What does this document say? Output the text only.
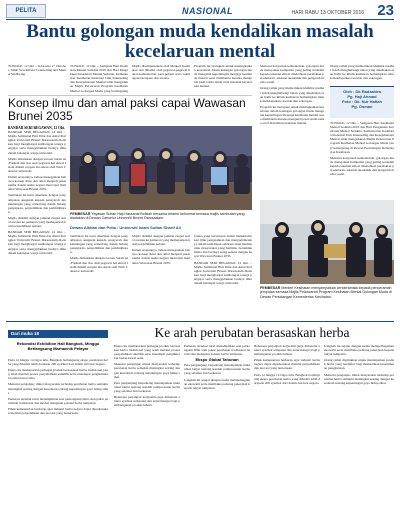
PELITA	NASIONAL	HARI RABU 13 OKTOBER 2016 23
Bantu golongan muda kendalikan masalah kecelaruan mental
TUNGKU, 12 Okt. – Kira-kira 17 Oktober, Minit Sewaimana Counselling and Mental Wellbeing
TUNGKU, 12 Okt. – Sempena Hari Kesihatan Mental Sedunia 2016 dan Hari Pengakuan Kesedaran Mental Sedunia, Kementerian Kesihatan menerusi Unit Kaunseling dan Kesejahteraan Mental telah mengadakan Majlis Pelancaran Program Kesihatan Mental Golongan Muda yang berlangsung
Majlis disempurnakan oleh Menteri Kesihatan dan dihadiri oleh pegawai-pegawai kanan kementerian, para pelajar serta wakil agensi kerajaan dan swasta.
Program ini bertujuan untuk meningkatkan kesedaran dalam kalangan golongan muda mengenai kepentingan menjaga kesihatan mental serta membantu mereka mengenal pasti tanda-tanda awal masalah kecelaruan mental.
Menurut kenyataan kementerian, golongan muda merupakan kumpulan yang paling terdedah kepada tekanan emosi disebabkan perubahan persekitaran, tekanan akademik dan pengaruh media sosial.
Orang ramai yang memerlukan khidmat nasihat boleh menghubungi talian yang disediakan atau hadir ke klinik kesihatan berhampiran untuk mendapatkan rawatan dan sokongan.
Program ini bertujuan untuk meningkatkan kesedaran dalam kalangan golongan muda mengenai kepentingan menjaga kesihatan mental serta membantu mereka mengenal pasti tanda-tanda awal masalah kecelaruan mental.
Orang ramai yang memerlukan khidmat nasihat boleh menghubungi talian yang disediakan atau hadir ke klinik kesihatan berhampiran untuk mendapatkan rawatan dan sokongan.
Oleh : Dk Radzahira
Pg. Haji Ahmad
Foto : Dk. Nur Hafiah
Pg. Osman
TUNGKU, 12 Okt. – Sempena Hari Kesihatan Mental Sedunia 2016 dan Hari Pengakuan Kesedaran Mental Sedunia, Kementerian Kesihatan menerusi Unit Kaunseling dan Kesejahteraan Mental telah mengadakan Majlis Pelancaran Program Kesihatan Mental Golongan Muda yang berlangsung di Dewan Persidangan Kementerian Kesihatan.
Menurut kenyataan kementerian, golongan muda merupakan kumpulan yang paling terdedah kepada tekanan emosi disebabkan perubahan persekitaran, tekanan akademik dan pengaruh media sosial.
Konsep ilmu dan amal paksi capai Wawasan Brunei 2035
BANDAR SERI BEGAWAN, 12 Okt.
BANDAR SERI BEGAWAN, 12 Okt. – Majlis Sambutan Hari Ilmu dan Amal Peringkat Universiti Brunei Darussalam diadakan bagi menghargai sumbangan tenaga pengajar serta menggalakkan budaya ilmu dalam kalangan warga universiti.
Majlis dimulakan dengan bacaan Surah Al-Fatihah dan doa oleh pegawai hal ehwal Islam diikuti ucapan alu-aluan oleh Naib Canselor universiti.
Dalam ucapannya, beliau menegaskan bahawa konsep ilmu dan amal menjadi paksi utama dalam usaha negara mencapai matlamat Wawasan Brunei 2035.
Sambutan itu turut diserikan dengan penyampaian anugerah kepada pensyarah dan kakitangan yang cemerlang dalam bidang pengajaran, penyelidikan dan perkhidmatan.
Majlis diakhiri dengan jamuan ringan serta lawatan ke pameran yang memaparkan hasil penyelidikan pelajar.
BANDAR SERI BEGAWAN, 12 Okt. – Majlis Sambutan Hari Ilmu dan Amal Peringkat Universiti Brunei Darussalam diadakan bagi menghargai sumbangan tenaga pengajar serta menggalakkan budaya ilmu dalam kalangan warga universiti.
PEMBESAR Yayasan Sultan Haji Hassanal Bolkiah bersama tetamu kehormat semasa majlis sambutan yang diadakan di Dewan Canselor Universiti Brunei Darussalam.
Dewan Alkitan dan Pelia : Universiti Islam Sultan Sharif Ali
Sambutan itu turut diserikan dengan penyampaian anugerah kepada pensyarah dan kakitangan yang cemerlang dalam bidang pengajaran, penyelidikan dan perkhidmatan.
Majlis dimulakan dengan bacaan Surah Al-Fatihah dan doa oleh pegawai hal ehwal Islam diikuti ucapan alu-aluan oleh Naib Canselor universiti.
Majlis diakhiri dengan jamuan ringan serta lawatan ke pameran yang memaparkan hasil penyelidikan pelajar.
Dalam ucapannya, beliau menegaskan bahawa konsep ilmu dan amal menjadi paksi utama dalam usaha negara mencapai matlamat Wawasan Brunei 2035.
Usaha yang berterusan dalam memartabatkan ilmu pengetahuan dan mengamalkannya dalam kehidupan seharian akan membentuk masyarakat yang berilmu, berakhlak mulia dan berdaya saing selaras dengan hasrat Wawasan Brunei 2035.
BANDAR SERI BEGAWAN, 12 Okt. – Majlis Sambutan Hari Ilmu dan Amal Peringkat Universiti Brunei Darussalam diadakan bagi menghargai sumbangan tenaga pengajar serta menggalakkan budaya ilmu dalam kalangan warga universiti.
PEMBESAR Menteri Kesihatan menyampaikan cenderamata kepada penceramah jemputan semasa Majlis Pelancaran Program Kesihatan Mental Golongan Muda di Dewan Persidangan Kementerian Kesihatan.
Dari muka 18	Ke arah perubatan berasaskan herba
Rekondisi Exhibition Hall Bangkok, Minggu Berlangsung Marhaenik Pelayar
Pada 12 hingga 14 Ogos lalu, Bangkok berlangsung ekspo perubatan herba yang dihadiri lebih daripada 200 syarikat dari dalam dan luar negara.
Ekspo itu memaparkan pelbagai produk berasaskan herba tradisional yang telah melalui proses penyelidikan saintifik serta mendapat pengiktirafan badan kawal selia.
Menurut penganjur, minat masyarakat terhadap perubatan herba semakin meningkat seiring dengan kesedaran tentang kepentingan gaya hidup sihat.
Pameran tersebut turut menampilkan sesi perkongsian ilmu oleh pakar perubatan tradisional dan moden mengenai potensi herba tempatan.
Pihak kementerian berharap agar industri herba negara dapat diperkasakan melalui penyelidikan dan inovasi yang berterusan.
Ekspo itu memaparkan pelbagai produk berasaskan herba tradisional yang telah melalui proses penyelidikan saintifik serta mendapat pengiktirafan badan kawal selia.
Menurut penganjur, minat masyarakat terhadap perubatan herba semakin meningkat seiring dengan kesedaran tentang kepentingan gaya hidup sihat.
Para pengunjung berpeluang mendapatkan maklumat lanjut tentang kaedah pemprosesan herba yang selamat dan berkesan.
Beberapa perjanjian kerjasama juga dimeterai antara syarikat tempatan dan antarabangsa bagi pembangunan produk baharu.
Pameran tersebut turut menampilkan sesi perkongsian ilmu oleh pakar perubatan tradisional dan moden mengenai potensi herba tempatan.
Ekspo Global Tahunan
Para pengunjung berpeluang mendapatkan maklumat lanjut tentang kaedah pemprosesan herba yang selamat dan berkesan.
Langkah ini sejajar dengan usaha mempelbagaikan ekonomi serta membuka peluang pekerjaan kepada rakyat tempatan.
Beberapa perjanjian kerjasama juga dimeterai antara syarikat tempatan dan antarabangsa bagi pembangunan produk baharu.
Pihak kementerian berharap agar industri herba negara dapat diperkasakan melalui penyelidikan dan inovasi yang berterusan.
Pada 12 hingga 14 Ogos lalu, Bangkok berlangsung ekspo perubatan herba yang dihadiri lebih daripada 200 syarikat dari dalam dan luar negara.
Langkah ini sejajar dengan usaha mempelbagaikan ekonomi serta membuka peluang pekerjaan kepada rakyat tempatan.
Orang ramai digalakkan untuk mendapatkan produk herba yang berdaftar bagi memastikan keselamatan penggunaan.
Menurut penganjur, minat masyarakat terhadap perubatan herba semakin meningkat seiring dengan kesedaran tentang kepentingan gaya hidup sihat.
